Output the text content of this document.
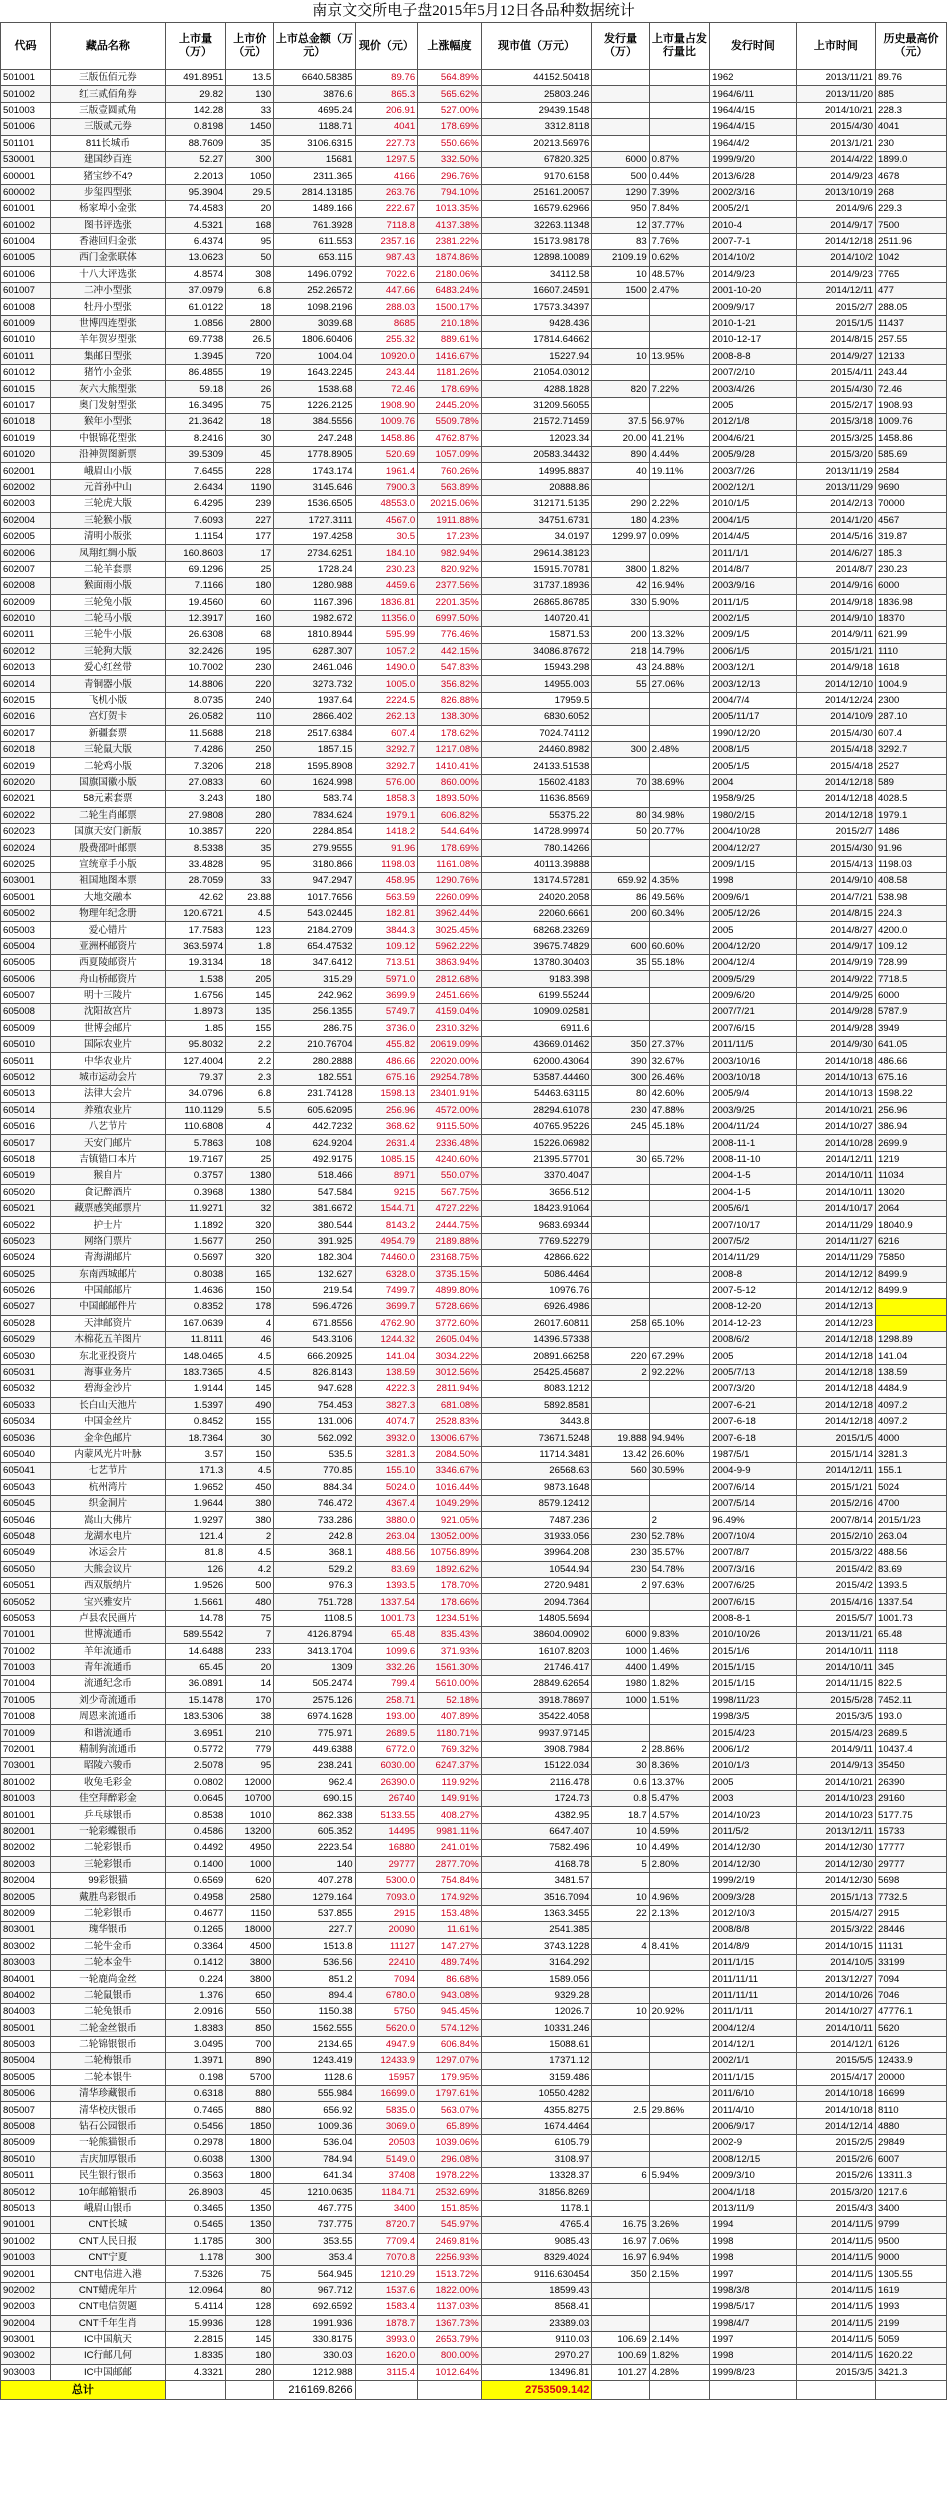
南京文交所电子盘2015年5月12日各品种数据统计
代码	藏品名称	上市量（万）	上市价（元）	上市总金额（万元）	现价（元）	上涨幅度	现市值（万元）	发行量（万）	上市量占发行量比	发行时间	上市时间	历史最高价（元）
501001	三版伍佰元券	491.8951	13.5	6640.58385	89.76	564.89%	44152.50418			1962	2013/11/21	89.76
501002	红三贰佰角券	29.82	130	3876.6	865.3	565.62%	25803.246			1964/6/11	2013/11/20	885
501003	三版壹圆贰角	142.28	33	4695.24	206.91	527.00%	29439.1548			1964/4/15	2014/10/21	228.3
501006	三版贰元券	0.8198	1450	1188.71	4041	178.69%	3312.8118			1964/4/15	2015/4/30	4041
501101	811长城币	88.7609	35	3106.6315	227.73	550.66%	20213.56976			1964/4/2	2013/1/21	230
530001	建国纱百连	52.27	300	15681	1297.5	332.50%	67820.325	6000	0.87%	1999/9/20	2014/4/22	1899.0
600001	猪宝纱不4?	2.2013	1050	2311.365	4166	296.76%	9170.6158	500	0.44%	2013/6/28	2014/9/23	4678
600002	步玺四型张	95.3904	29.5	2814.13185	263.76	794.10%	25161.20057	1290	7.39%	2002/3/16	2013/10/19	268
601001	杨家埠小金张	74.4583	20	1489.166	222.67	1013.35%	16579.62966	950	7.84%	2005/2/1	2014/9/6	229.3
601002	图书评选张	4.5321	168	761.3928	7118.8	4137.38%	32263.11348	12	37.77%	2010-4	2014/9/17	7500
601004	香港回归金张	6.4374	95	611.553	2357.16	2381.22%	15173.98178	83	7.76%	2007-7-1	2014/12/18	2511.96
601005	西门金张联体	13.0623	50	653.115	987.43	1874.86%	12898.10089	2109.19	0.62%	2014/10/2	2014/10/2	1042
601006	十八大评选张	4.8574	308	1496.0792	7022.6	2180.06%	34112.58	10	48.57%	2014/9/23	2014/9/23	7765
601007	二冲小型张	37.0979	6.8	252.26572	447.66	6483.24%	16607.24591	1500	2.47%	2001-10-20	2014/12/11	477
601008	牡丹小型张	61.0122	18	1098.2196	288.03	1500.17%	17573.34397			2009/9/17	2015/2/7	288.05
601009	世博四连型张	1.0856	2800	3039.68	8685	210.18%	9428.436			2010-1-21	2015/1/5	11437
601010	羊年贺岁型张	69.7738	26.5	1806.60406	255.32	889.61%	17814.64662			2010-12-17	2014/8/15	257.55
601011	集邮日型张	1.3945	720	1004.04	10920.0	1416.67%	15227.94	10	13.95%	2008-8-8	2014/9/27	12133
601012	猪竹小金张	86.4855	19	1643.2245	243.44	1181.26%	21054.03012			2007/2/10	2015/4/11	243.44
601015	灰六大熊型张	59.18	26	1538.68	72.46	178.69%	4288.1828	820	7.22%	2003/4/26	2015/4/30	72.46
601017	奥门发射型张	16.3495	75	1226.2125	1908.90	2445.20%	31209.56055			2005	2015/2/17	1908.93
601018	猴年小型张	21.3642	18	384.5556	1009.76	5509.78%	21572.71459	37.5	56.97%	2012/1/8	2015/3/18	1009.76
601019	中银锦花型张	8.2416	30	247.248	1458.86	4762.87%	12023.34	20.00	41.21%	2004/6/21	2015/3/25	1458.86
601020	沿神贺图新票	39.5309	45	1778.8905	520.69	1057.09%	20583.34432	890	4.44%	2005/9/28	2015/3/20	585.69
602001	峨眉山小版	7.6455	228	1743.174	1961.4	760.26%	14995.8837	40	19.11%	2003/7/26	2013/11/19	2584
602002	元首孙中山	2.6434	1190	3145.646	7900.3	563.89%	20888.86			2002/12/1	2013/11/29	9690
602003	三轮虎大版	6.4295	239	1536.6505	48553.0	20215.06%	312171.5135	290	2.22%	2010/1/5	2014/2/13	70000
602004	三轮猴小版	7.6093	227	1727.3111	4567.0	1911.88%	34751.6731	180	4.23%	2004/1/5	2014/1/20	4567
602005	清明小版张	1.1154	177	197.4258	30.5	17.23%	34.0197	1299.97	0.09%	2014/4/5	2014/5/16	319.87
602006	凤翔红绸小版	160.8603	17	2734.6251	184.10	982.94%	29614.38123			2011/1/1	2014/6/27	185.3
602007	二轮羊套票	69.1296	25	1728.24	230.23	820.92%	15915.70781	3800	1.82%	2014/8/7	2014/8/7	230.23
602008	猴面雨小版	7.1166	180	1280.988	4459.6	2377.56%	31737.18936	42	16.94%	2003/9/16	2014/9/16	6000
602009	三轮兔小版	19.4560	60	1167.396	1836.81	2201.35%	26865.86785	330	5.90%	2011/1/5	2014/9/18	1836.98
602010	二轮马小版	12.3917	160	1982.672	11356.0	6997.50%	140720.41			2002/1/5	2014/9/10	18370
602011	三轮牛小版	26.6308	68	1810.8944	595.99	776.46%	15871.53	200	13.32%	2009/1/5	2014/9/11	621.99
602012	三轮狗大版	32.2426	195	6287.307	1057.2	442.15%	34086.87672	218	14.79%	2006/1/5	2015/1/21	1110
602013	爱心红丝带	10.7002	230	2461.046	1490.0	547.83%	15943.298	43	24.88%	2003/12/1	2014/9/18	1618
602014	青铜器小版	14.8806	220	3273.732	1005.0	356.82%	14955.003	55	27.06%	2003/12/13	2014/12/10	1004.9
602015	飞机小版	8.0735	240	1937.64	2224.5	826.88%	17959.5			2004/7/4	2014/12/24	2300
602016	宫灯贺卡	26.0582	110	2866.402	262.13	138.30%	6830.6052			2005/11/17	2014/10/9	287.10
602017	新疆套票	11.5688	218	2517.6384	607.4	178.62%	7024.74112			1990/12/20	2015/4/30	607.4
602018	三轮鼠大版	7.4286	250	1857.15	3292.7	1217.08%	24460.8982	300	2.48%	2008/1/5	2015/4/18	3292.7
602019	二轮鸡小版	7.3206	218	1595.8908	3292.7	1410.41%	24133.51538			2005/1/5	2015/4/18	2527
602020	国旗国徽小版	27.0833	60	1624.998	576.00	860.00%	15602.4183	70	38.69%	2004	2014/12/18	589
602021	58元素套票	3.243	180	583.74	1858.3	1893.50%	11636.8569			1958/9/25	2014/12/18	4028.5
602022	二轮生肖邮票	27.9808	280	7834.624	1979.1	606.82%	55375.22	80	34.98%	1980/2/15	2014/12/18	1979.1
602023	国旗天安门新版	10.3857	220	2284.854	1418.2	544.64%	14728.99974	50	20.77%	2004/10/28	2015/2/7	1486
602024	殷费邵叶邮票	8.5338	35	279.9555	91.96	178.69%	780.14266			2004/12/27	2015/4/30	91.96
602025	宣统章手小版	33.4828	95	3180.866	1198.03	1161.08%	40113.39888			2009/1/15	2015/4/13	1198.03
603001	祖国地图本票	28.7059	33	947.2947	458.95	1290.76%	13174.57281	659.92	4.35%	1998	2014/9/10	408.58
605001	大地交融本	42.62	23.88	1017.7656	563.59	2260.09%	24020.2058	86	49.56%	2009/6/1	2014/7/21	538.98
605002	物理年纪念册	120.6721	4.5	543.02445	182.81	3962.44%	22060.6661	200	60.34%	2005/12/26	2014/8/15	224.3
605003	爱心错片	17.7583	123	2184.2709	3844.3	3025.45%	68268.23269			2005	2014/8/27	4200.0
605004	亚洲杯邮资片	363.5974	1.8	654.47532	109.12	5962.22%	39675.74829	600	60.60%	2004/12/20	2014/9/17	109.12
605005	西夏陵邮资片	19.3134	18	347.6412	713.51	3863.94%	13780.30403	35	55.18%	2004/12/4	2014/9/19	728.99
605006	舟山桥邮资片	1.538	205	315.29	5971.0	2812.68%	9183.398			2009/5/29	2014/9/22	7718.5
605007	明十三陵片	1.6756	145	242.962	3699.9	2451.66%	6199.55244			2009/6/20	2014/9/25	6000
605008	沈阳故宫片	1.8973	135	256.1355	5749.7	4159.04%	10909.02581			2007/7/21	2014/9/28	5787.9
605009	世博会邮片	1.85	155	286.75	3736.0	2310.32%	6911.6			2007/6/15	2014/9/28	3949
605010	国际农业片	95.8032	2.2	210.76704	455.82	20619.09%	43669.01462	350	27.37%	2011/11/5	2014/9/30	641.05
605011	中华农业片	127.4004	2.2	280.2888	486.66	22020.00%	62000.43064	390	32.67%	2003/10/16	2014/10/18	486.66
605012	城市运动会片	79.37	2.3	182.551	675.16	29254.78%	53587.44460	300	26.46%	2003/10/18	2014/10/13	675.16
605013	法律大会片	34.0796	6.8	231.74128	1598.13	23401.91%	54463.63115	80	42.60%	2005/9/4	2014/10/13	1598.22
605014	养殖农业片	110.1129	5.5	605.62095	256.96	4572.00%	28294.61078	230	47.88%	2003/9/25	2014/10/21	256.96
605016	八艺节片	110.6808	4	442.7232	368.62	9115.50%	40765.95226	245	45.18%	2004/11/24	2014/10/27	386.94
605017	天安门邮片	5.7863	108	624.9204	2631.4	2336.48%	15226.06982			2008-11-1	2014/10/28	2699.9
605018	吉镇错口本片	19.7167	25	492.9175	1085.15	4240.60%	21395.57701	30	65.72%	2008-11-10	2014/12/11	1219
605019	猴自片	0.3757	1380	518.466	8971	550.07%	3370.4047			2004-1-5	2014/10/11	11034
605020	食记醉酒片	0.3968	1380	547.584	9215	567.75%	3656.512			2004-1-5	2014/10/11	13020
605021	藏票感笑邮票片	11.9271	32	381.6672	1544.71	4727.22%	18423.91064			2005/6/1	2014/10/17	2064
605022	护士片	1.1892	320	380.544	8143.2	2444.75%	9683.69344			2007/10/17	2014/11/29	18040.9
605023	网络门票片	1.5677	250	391.925	4954.79	2189.88%	7769.52279			2007/5/2	2014/11/27	6216
605024	青海湖邮片	0.5697	320	182.304	74460.0	23168.75%	42866.622			2014/11/29	2014/11/29	75850
605025	东南西城邮片	0.8038	165	132.627	6328.0	3735.15%	5086.4464			2008-8	2014/12/12	8499.9
605026	中国邮邮片	1.4636	150	219.54	7499.7	4899.80%	10976.76			2007-5-12	2014/12/12	8499.9
605027	中国邮邮件片	0.8352	178	596.4726	3699.7	5728.66%	6926.4986			2008-12-20	2014/12/13	
605028	天津邮资片	167.0639	4	671.8556	4762.90	3772.60%	26017.60811	258	65.10%	2014-12-23	2014/12/23	
605029	木棉花五羊图片	11.8111	46	543.3106	1244.32	2605.04%	14396.57338			2008/6/2	2014/12/18	1298.89
605030	东北亚投资片	148.0465	4.5	666.20925	141.04	3034.22%	20891.66258	220	67.29%	2005	2014/12/18	141.04
605031	海事业务片	183.7365	4.5	826.8143	138.59	3012.56%	25425.45687	2	92.22%	2005/7/13	2014/12/18	138.59
605032	碧海金沙片	1.9144	145	947.628	4222.3	2811.94%	8083.1212			2007/3/20	2014/12/18	4484.9
605033	长白山天池片	1.5397	490	754.453	3827.3	681.08%	5892.8581			2007-6-21	2014/12/18	4097.2
605034	中国金丝片	0.8452	155	131.006	4074.7	2528.83%	3443.8			2007-6-18	2014/12/18	4097.2
605036	金伞色邮片	18.7364	30	562.092	3932.0	13006.67%	73671.5248	19.888	94.94%	2007-6-18	2015/1/5	4000
605040	内蒙风光片叶脉	3.57	150	535.5	3281.3	2084.50%	11714.3481	13.42	26.60%	1987/5/1	2015/1/14	3281.3
605041	七艺节片	171.3	4.5	770.85	155.10	3346.67%	26568.63	560	30.59%	2004-9-9	2014/12/11	155.1
605043	杭州湾片	1.9652	450	884.34	5024.0	1016.44%	9873.1648			2007/6/14	2015/1/21	5024
605045	织金洞片	1.9644	380	746.472	4367.4	1049.29%	8579.12412			2007/5/14	2015/2/16	4700
605046	嵩山大佛片	1.9297	380	733.286	3880.0	921.05%	7487.236		2	96.49%	2007/8/14	2015/1/23
605048	龙湖水电片	121.4	2	242.8	263.04	13052.00%	31933.056	230	52.78%	2007/10/4	2015/2/10	263.04
605049	冰运会片	81.8	4.5	368.1	488.56	10756.89%	39964.208	230	35.57%	2007/8/7	2015/3/22	488.56
605050	大熊会议片	126	4.2	529.2	83.69	1892.62%	10544.94	230	54.78%	2007/3/16	2015/4/2	83.69
605051	西双版纳片	1.9526	500	976.3	1393.5	178.70%	2720.9481	2	97.63%	2007/6/25	2015/4/2	1393.5
605052	宝兴雅安片	1.5661	480	751.728	1337.54	178.66%	2094.7364			2007/6/15	2015/4/16	1337.54
605053	卢县农民画片	14.78	75	1108.5	1001.73	1234.51%	14805.5694			2008-8-1	2015/5/7	1001.73
701001	世博流通币	589.5542	7	4126.8794	65.48	835.43%	38604.00902	6000	9.83%	2010/10/26	2013/11/21	65.48
701002	羊年流通币	14.6488	233	3413.1704	1099.6	371.93%	16107.8203	1000	1.46%	2015/1/6	2014/10/11	1118
701003	青年流通币	65.45	20	1309	332.26	1561.30%	21746.417	4400	1.49%	2015/1/15	2014/10/11	345
701004	流通纪念币	36.0891	14	505.2474	799.4	5610.00%	28849.62654	1980	1.82%	2015/1/15	2014/11/15	822.5
701005	刘少奇流通币	15.1478	170	2575.126	258.71	52.18%	3918.78697	1000	1.51%	1998/11/23	2015/5/28	7452.11
701008	周恩来流通币	183.5306	38	6974.1628	193.00	407.89%	35422.4058			1998/3/5	2015/3/5	193.0
701009	和谐流通币	3.6951	210	775.971	2689.5	1180.71%	9937.97145			2015/4/23	2015/4/23	2689.5
702001	精制狗流通币	0.5772	779	449.6388	6772.0	769.32%	3908.7984	2	28.86%	2006/1/2	2014/9/11	10437.4
703001	昭陵六骏币	2.5078	95	238.241	6030.00	6247.37%	15122.034	30	8.36%	2010/1/3	2014/9/13	35450
801002	收兔毛彩金	0.0802	12000	962.4	26390.0	119.92%	2116.478	0.6	13.37%	2005	2014/10/21	26390
801003	佳空拜醉彩金	0.0645	10700	690.15	26740	149.91%	1724.73	0.8	5.47%	2003	2014/10/23	29160
801001	乒乓球银币	0.8538	1010	862.338	5133.55	408.27%	4382.95	18.7	4.57%	2014/10/23	2014/10/23	5177.75
802001	一轮彩蝶银币	0.4586	13200	605.352	14495	9981.11%	6647.407	10	4.59%	2011/5/2	2013/12/11	15733
802002	二轮彩银币	0.4492	4950	2223.54	16880	241.01%	7582.496	10	4.49%	2014/12/30	2014/12/30	17777
802003	三轮彩银币	0.1400	1000	140	29777	2877.70%	4168.78	5	2.80%	2014/12/30	2014/12/30	29777
802004	99彩银猫	0.6569	620	407.278	5300.0	754.84%	3481.57			1999/2/19	2014/12/30	5698
802005	戴胜鸟彩银币	0.4958	2580	1279.164	7093.0	174.92%	3516.7094	10	4.96%	2009/3/28	2015/1/13	7732.5
802009	二轮彩银币	0.4677	1150	537.855	2915	153.48%	1363.3455	22	2.13%	2012/10/3	2015/4/27	2915
803001	瑰华银币	0.1265	18000	227.7	20090	11.61%	2541.385			2008/8/8	2015/3/22	28446
803002	二轮牛金币	0.3364	4500	1513.8	11127	147.27%	3743.1228	4	8.41%	2014/8/9	2014/10/15	11131
803003	二轮本金牛	0.1412	3800	536.56	22410	489.74%	3164.292			2011/1/15	2014/10/5	33199
804001	一轮鹿尚金丝	0.224	3800	851.2	7094	86.68%	1589.056			2011/11/11	2013/12/27	7094
804002	二轮鼠银币	1.376	650	894.4	6780.0	943.08%	9329.28			2011/11/11	2014/10/26	7046
804003	二轮兔银币	2.0916	550	1150.38	5750	945.45%	12026.7	10	20.92%	2011/1/11	2014/10/27	47776.1
805001	二轮金丝银币	1.8383	850	1562.555	5620.0	574.12%	10331.246			2004/12/4	2014/10/11	5620
805003	二轮锦银银币	3.0495	700	2134.65	4947.9	606.84%	15088.61			2014/12/1	2014/12/1	6126
805004	二轮梅银币	1.3971	890	1243.419	12433.9	1297.07%	17371.12			2002/1/1	2015/5/5	12433.9
805005	二轮本银牛	0.198	5700	1128.6	15957	179.95%	3159.486			2011/1/15	2015/4/17	20000
805006	清华珍藏银币	0.6318	880	555.984	16699.0	1797.61%	10550.4282			2011/6/10	2014/10/18	16699
805007	清华校庆银币	0.7465	880	656.92	5835.0	563.07%	4355.8275	2.5	29.86%	2011/4/10	2014/10/18	8110
805008	钻石公园银币	0.5456	1850	1009.36	3069.0	65.89%	1674.4464			2006/9/17	2014/12/14	4880
805009	一轮熊猫银币	0.2978	1800	536.04	20503	1039.06%	6105.79			2002-9	2015/2/5	29849
805010	吉庆加厚银币	0.6038	1300	784.94	5149.0	296.08%	3108.97			2008/12/15	2015/2/6	6007
805011	民生银行银币	0.3563	1800	641.34	37408	1978.22%	13328.37	6	5.94%	2009/3/10	2015/2/6	13311.3
805012	10年邮箱银币	26.8903	45	1210.0635	1184.71	2532.69%	31856.8269			2004/1/18	2015/3/20	1217.6
805013	峨眉山银币	0.3465	1350	467.775	3400	151.85%	1178.1			2013/11/9	2015/4/3	3400
901001	CNT长城	0.5465	1350	737.775	8720.7	545.97%	4765.4	16.75	3.26%	1994	2014/11/5	9799
901002	CNT人民日报	1.1785	300	353.55	7709.4	2469.81%	9085.43	16.97	7.06%	1998	2014/11/5	9500
901003	CNT宁夏	1.178	300	353.4	7070.8	2256.93%	8329.4024	16.97	6.94%	1998	2014/11/5	9000
902001	CNT电信进入港	7.5326	75	564.945	1210.29	1513.72%	9116.630454	350	2.15%	1997	2014/11/5	1305.55
902002	CNT蜡虎年片	12.0964	80	967.712	1537.6	1822.00%	18599.43			1998/3/8	2014/11/5	1619
902003	CNT电信贺题	5.4114	128	692.6592	1583.4	1137.03%	8568.41			1998/5/17	2014/11/5	1993
902004	CNT千年生肖	15.9936	128	1991.936	1878.7	1367.73%	23389.03			1998/4/7	2014/11/5	2199
903001	IC中国航天	2.2815	145	330.8175	3993.0	2653.79%	9110.03	106.69	2.14%	1997	2014/11/5	5059
903002	IC行邮几何	1.8335	180	330.03	1620.0	800.00%	2970.27	100.69	1.82%	1998	2014/11/5	1620.22
903003	IC中国邮邮	4.3321	280	1212.988	3115.4	1012.64%	13496.81	101.27	4.28%	1999/8/23	2015/3/5	3421.3
总计				216169.8266			2753509.142					
